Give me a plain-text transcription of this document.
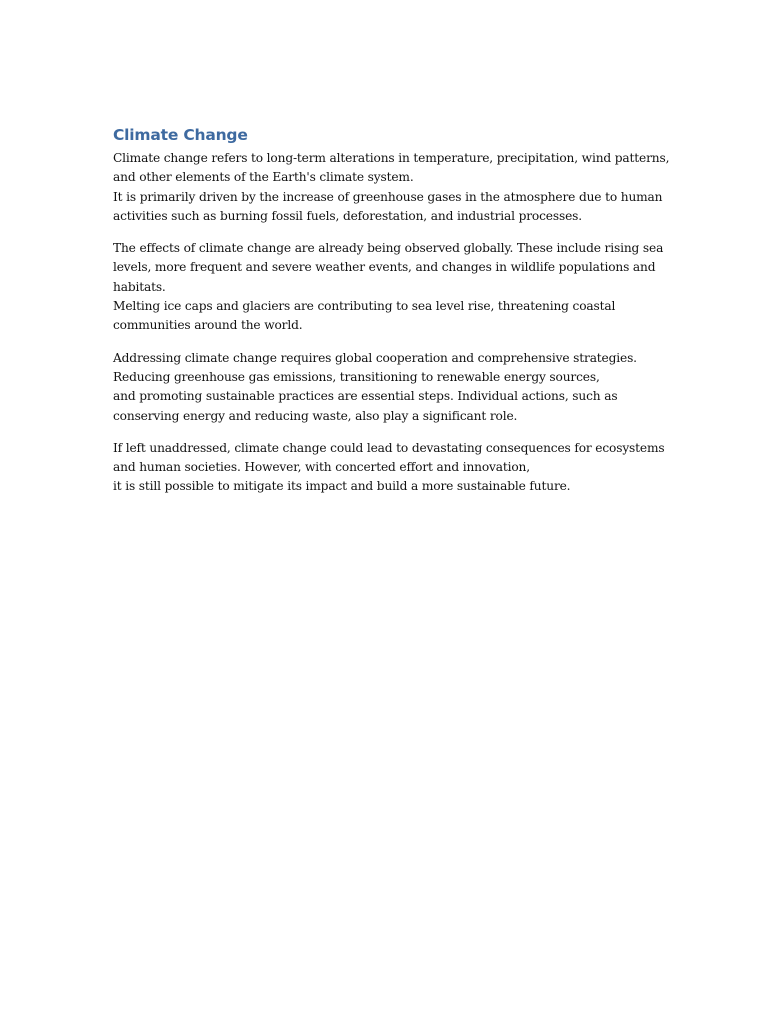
Climate Change
Climate change refers to long-term alterations in temperature, precipitation, wind patterns,
and other elements of the Earth's climate system.
It is primarily driven by the increase of greenhouse gases in the atmosphere due to human
activities such as burning fossil fuels, deforestation, and industrial processes.
The effects of climate change are already being observed globally. These include rising sea
levels, more frequent and severe weather events, and changes in wildlife populations and
habitats.
Melting ice caps and glaciers are contributing to sea level rise, threatening coastal
communities around the world.
Addressing climate change requires global cooperation and comprehensive strategies.
Reducing greenhouse gas emissions, transitioning to renewable energy sources,
and promoting sustainable practices are essential steps. Individual actions, such as
conserving energy and reducing waste, also play a significant role.
If left unaddressed, climate change could lead to devastating consequences for ecosystems
and human societies. However, with concerted effort and innovation,
it is still possible to mitigate its impact and build a more sustainable future.
